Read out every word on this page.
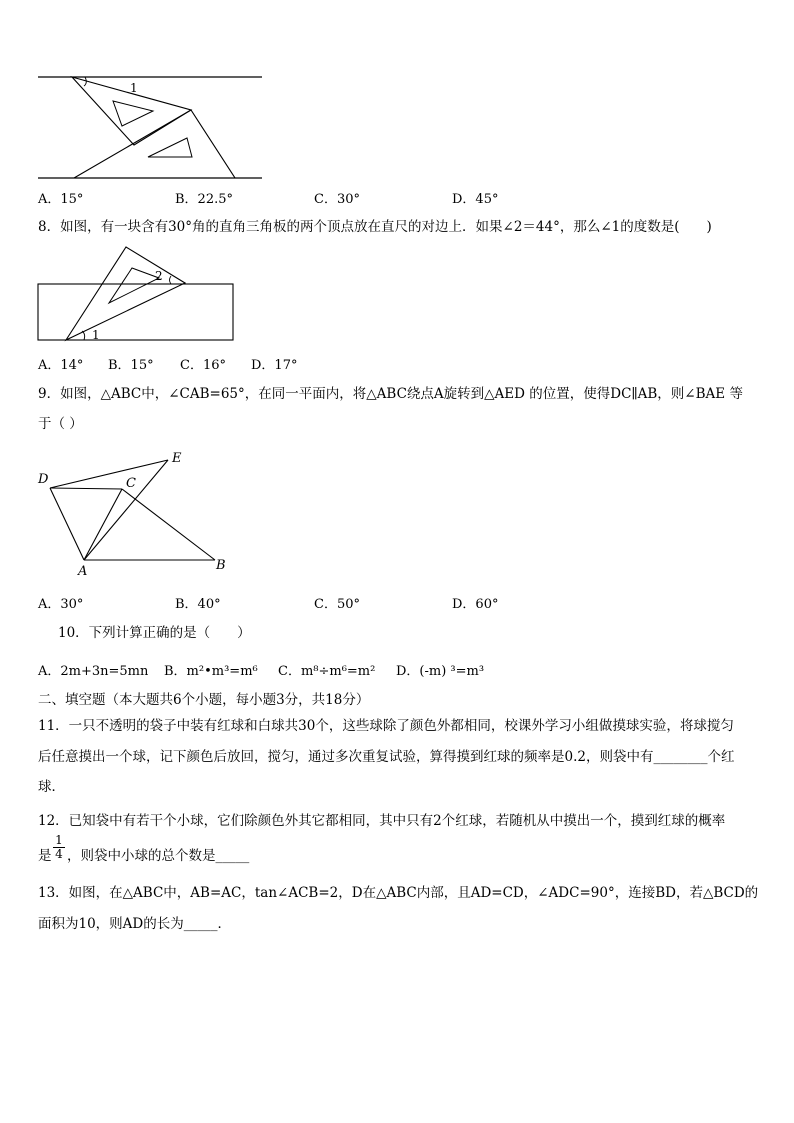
1
A．15°	B．22.5°	C．30°	D．45°
8．如图，有一块含有30°角的直角三角板的两个顶点放在直尺的对边上．如果∠2＝44°，那么∠1的度数是(　　)
2
1
A．14° B．15° C．16° D．17°
9．如图，△ABC中，∠CAB=65°，在同一平面内，将△ABC绕点A旋转到△AED 的位置，使得DC∥AB，则∠BAE 等
于（ ）
D
E
C
A	B
A．30°	B．40°	C．50°	D．60°
10．下列计算正确的是（　　）
A．2m+3n=5mn B．m²•m³=m⁶ C．m⁸÷m⁶=m² D．(-m) ³=m³
二、填空题（本大题共6个小题，每小题3分，共18分）
11．一只不透明的袋子中装有红球和白球共30个，这些球除了颜色外都相同，校课外学习小组做摸球实验，将球搅匀
后任意摸出一个球，记下颜色后放回，搅匀，通过多次重复试验，算得摸到红球的频率是0.2，则袋中有________个红
球．
12．已知袋中有若干个小球，它们除颜色外其它都相同，其中只有2个红球，若随机从中摸出一个，摸到红球的概率
是 $\frac{1}{4}$ ，则袋中小球的总个数是_____
13．如图，在△ABC中，AB=AC，tan∠ACB=2，D在△ABC内部，且AD=CD，∠ADC=90°，连接BD，若△BCD的
面积为10，则AD的长为_____．
